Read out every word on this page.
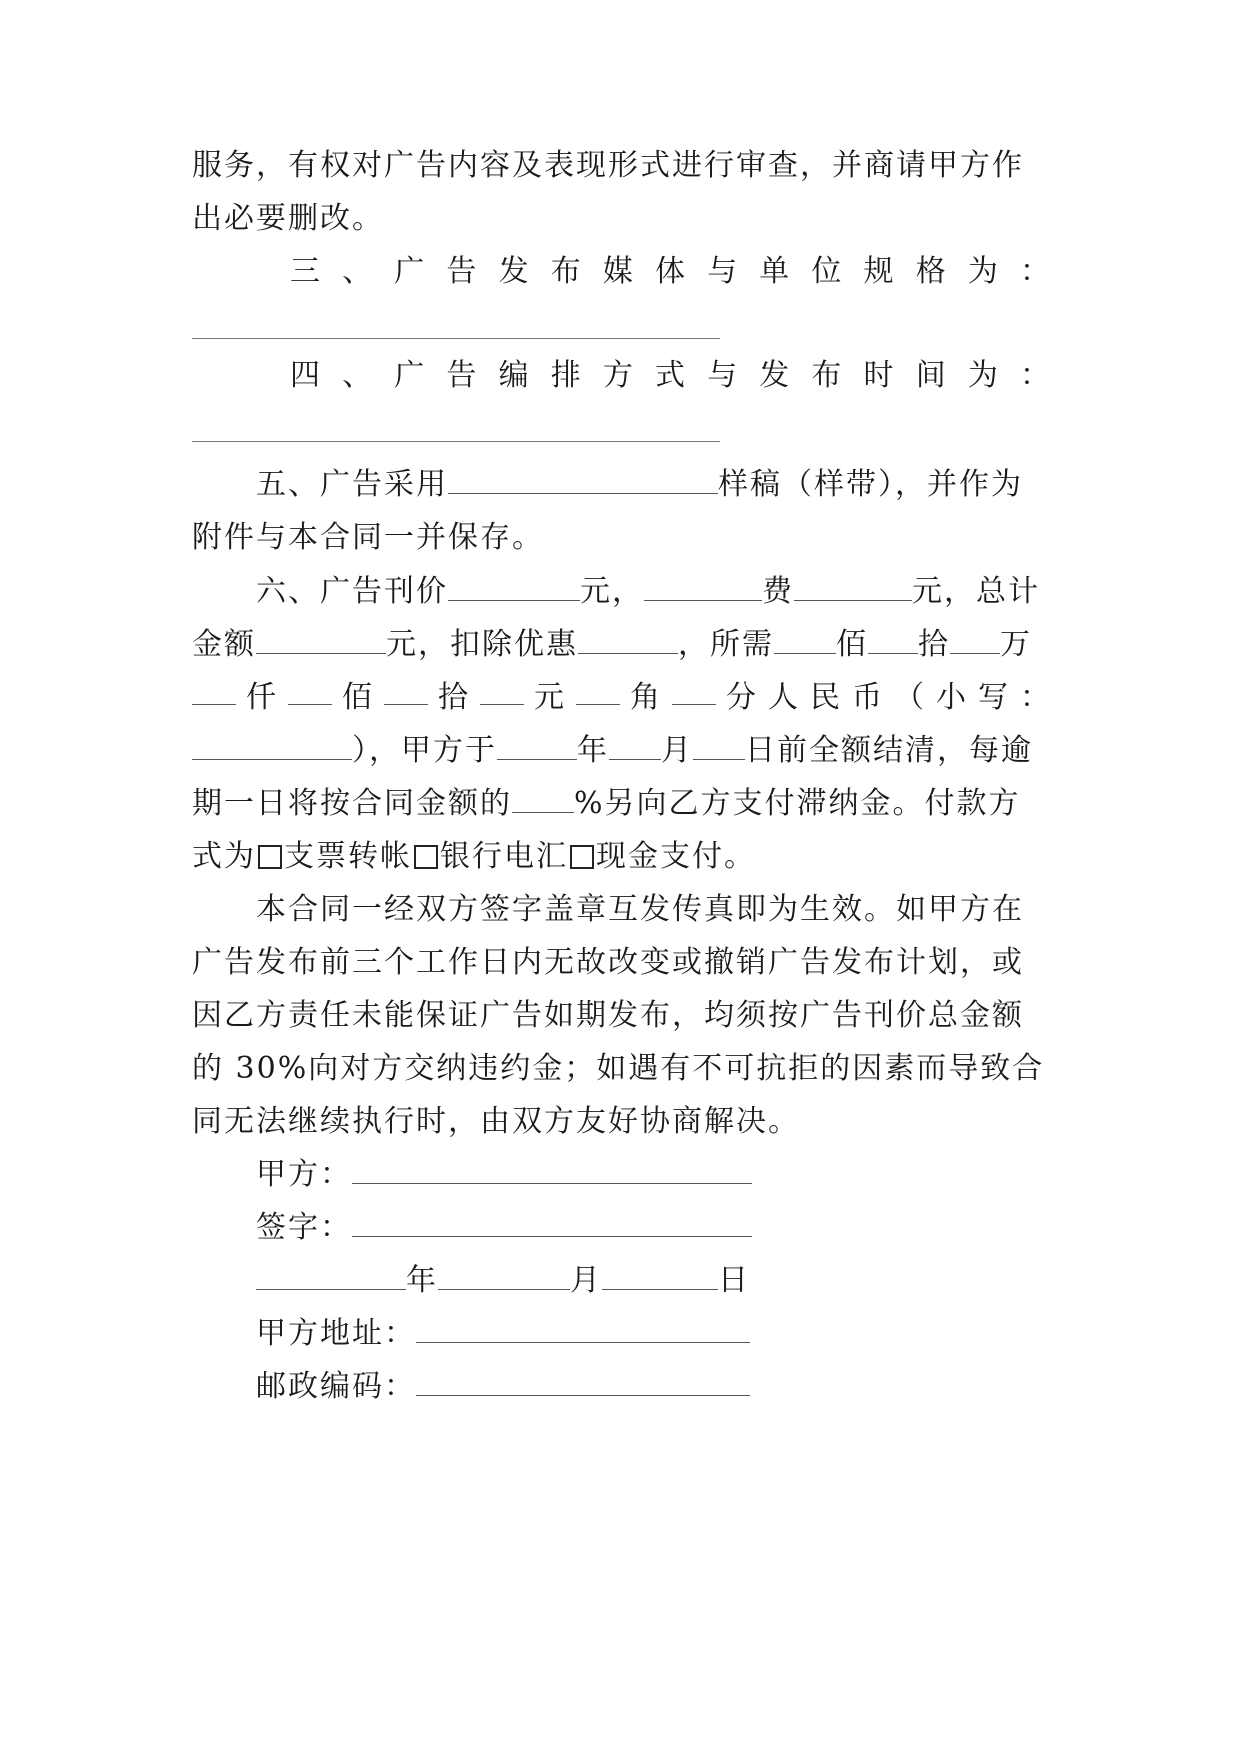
服务，有权对广告内容及表现形式进行审查，并商请甲方作
出必要删改。
三 、 广 告 发 布 媒 体 与 单 位 规 格 为 ：
四 、 广 告 编 排 方 式 与 发 布 时 间 为 ：
五、广告采用	样稿（样带），并作为
附件与本合同一并保存。
六、广告刊价	元，	费	元，总计
金额	元，扣除优惠	，所需 佰 拾 万
仟 佰 拾 元 角 分 人 民 币 （ 小 写 ：
），甲方于	年 月 日前全额结清，每逾
期一日将按合同金额的 %另向乙方支付滞纳金。付款方
式为 支票转帐 银行电汇 现金支付。
本合同一经双方签字盖章互发传真即为生效。如甲方在
广告发布前三个工作日内无故改变或撤销广告发布计划，或
因乙方责任未能保证广告如期发布，均须按广告刊价总金额
的 30%向对方交纳违约金；如遇有不可抗拒的因素而导致合
同无法继续执行时，由双方友好协商解决。
甲方：
签字：
年	月	日
甲方地址：
邮政编码：
